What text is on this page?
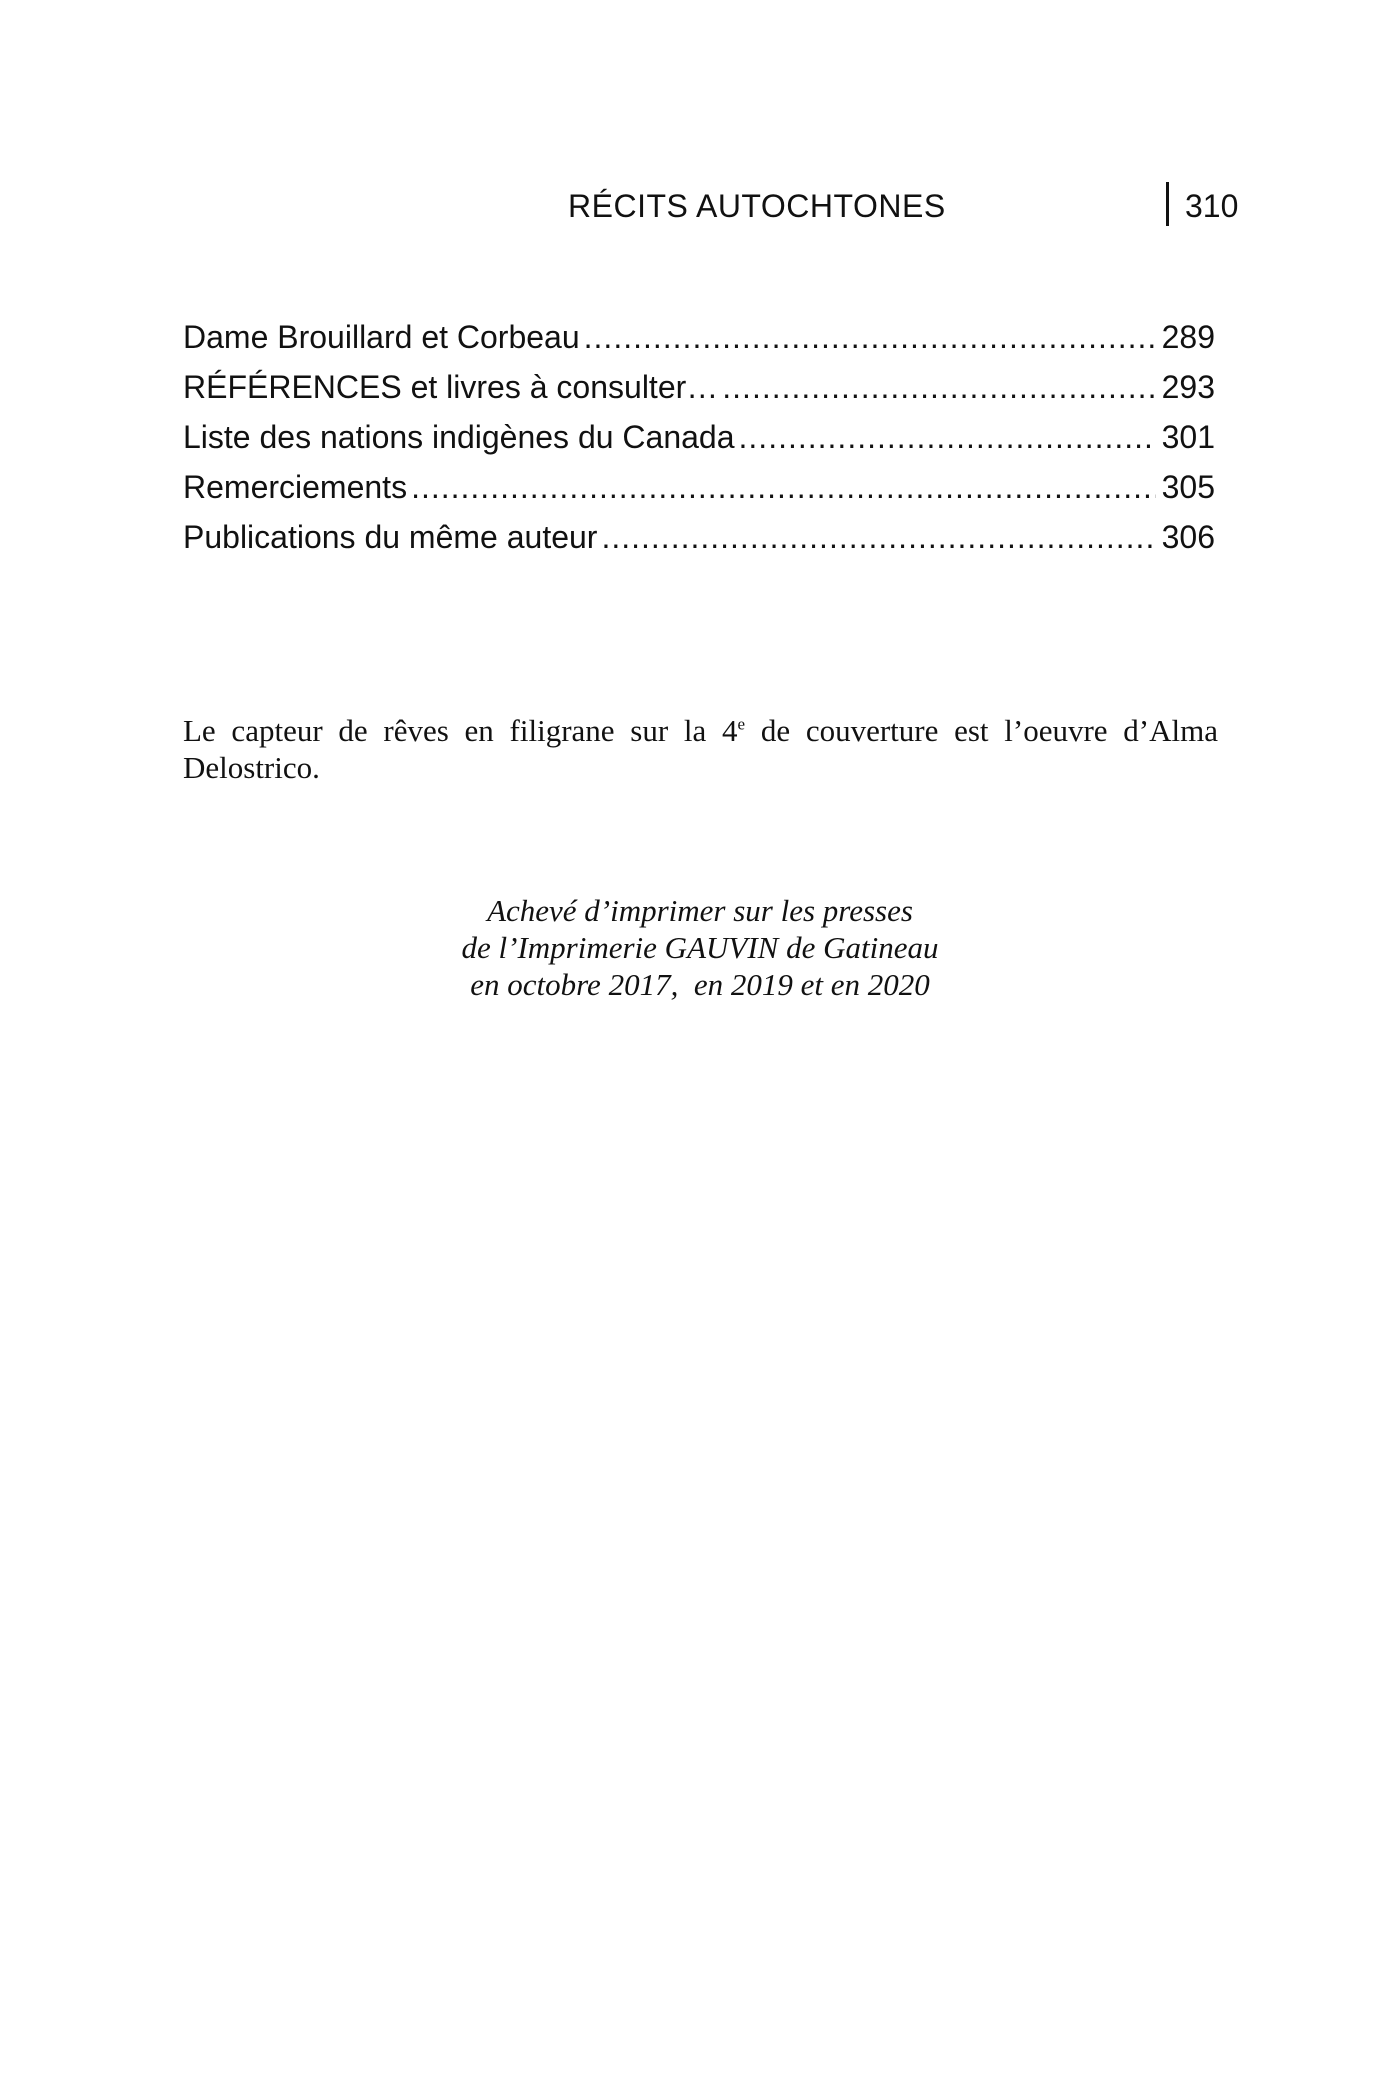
RÉCITS AUTOCHTONES	310
Dame Brouillard et Corbeau .....	289
RÉFÉRENCES et livres à consulter… .....	293
Liste des nations indigènes du Canada .....	301
Remerciements .....	305
Publications du même auteur .....	306

Le capteur de rêves en filigrane sur la 4e de couverture est l’oeuvre d’Alma Delostrico.

Achevé d’imprimer sur les presses
de l’Imprimerie GAUVIN de Gatineau
en octobre 2017,  en 2019 et en 2020
